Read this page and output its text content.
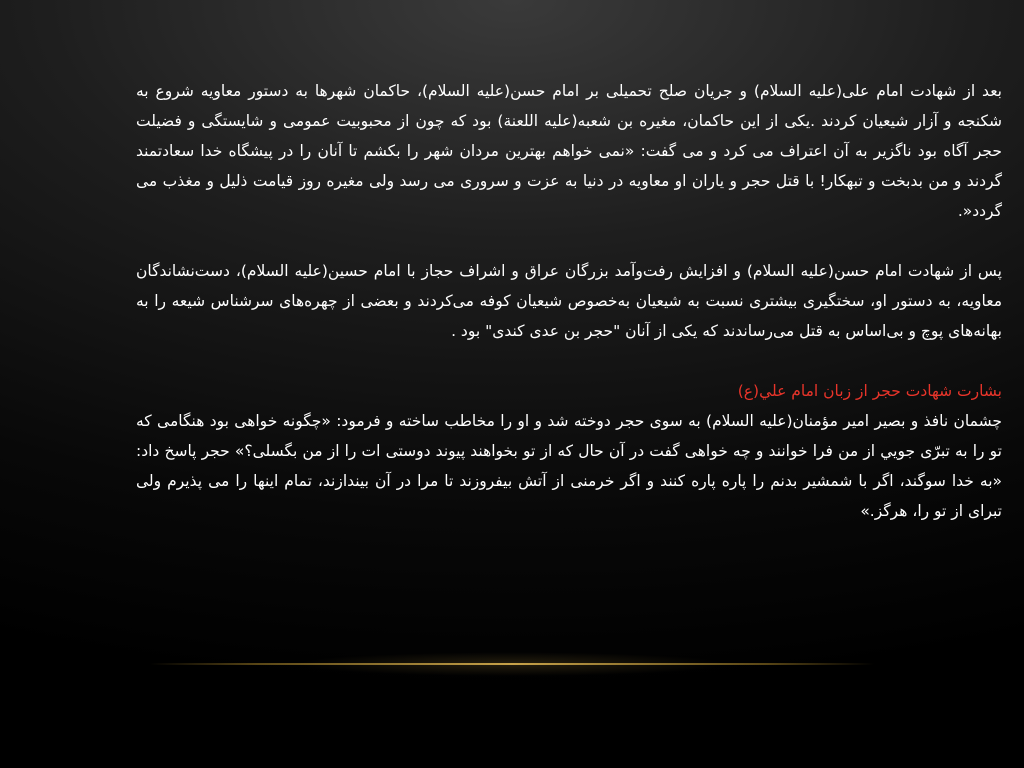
بعد از شهادت امام علی(علیه السلام) و جریان صلح تحمیلی بر امام حسن(علیه السلام)، حاکمان شهرها به دستور معاویه شروع به شکنجه و آزار شیعیان کردند .یکی از این حاکمان، مغیره بن شعبه(علیه اللعنة) بود که چون از محبوبیت عمومی و شایستگی و فضیلت حجر آگاه بود ناگزیر به آن اعتراف می کرد و می گفت: «نمی خواهم بهترین مردان شهر را بکشم تا آنان را در پیشگاه خدا سعادتمند گردند و من بدبخت و تبهکار! با قتل حجر و یاران او معاویه در دنیا به عزت و سروری می رسد ولی مغیره روز قیامت ذلیل و مغذب می گردد«.

پس از شهادت امام حسن(علیه السلام) و افزایش رفت‌وآمد بزرگان عراق و اشراف حجاز با امام حسین(علیه السلام)، دست‌نشاندگان معاویه، به دستور او، سختگیری بیشتری نسبت به شیعیان به‌خصوص شیعیان کوفه می‌کردند و بعضی از چهره‌های سرشناس شیعه را به بهانه‌های پوچ و بی‌اساس به قتل می‌رساندند که یکی از آنان "حجر بن عدی کندی" بود .

بشارت شهادت حجر از زبان امام علي(ع)

چشمان نافذ و بصیر امیر مؤمنان(علیه السلام) به سوی حجر دوخته شد و او را مخاطب ساخته و فرمود: «چگونه خواهی بود هنگامی که تو را به تبرّی جويي از من فرا خوانند و چه خواهی گفت در آن حال که از تو بخواهند پیوند دوستی ات را از من بگسلی؟» حجر پاسخ داد: «به خدا سوگند، اگر با شمشیر بدنم را پاره پاره کنند و اگر خرمنی از آتش بیفروزند تا مرا در آن بیندازند، تمام اینها را می پذیرم ولی تبرای از تو را، هرگز.»
